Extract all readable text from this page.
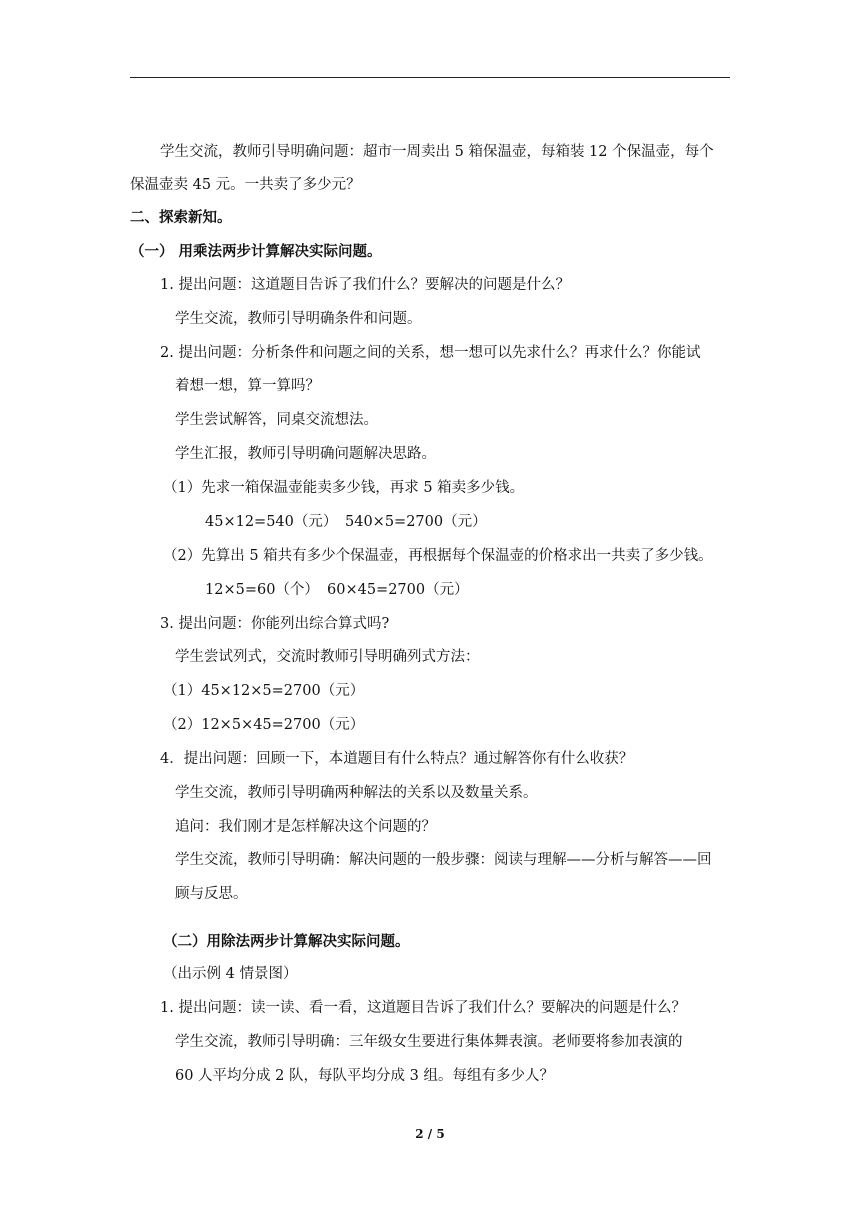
学生交流，教师引导明确问题：超市一周卖出 5 箱保温壶，每箱装 12 个保温壶，每个
保温壶卖 45 元。一共卖了多少元？
二、探索新知。
（一） 用乘法两步计算解决实际问题。
1. 提出问题：这道题目告诉了我们什么？要解决的问题是什么？
学生交流，教师引导明确条件和问题。
2. 提出问题：分析条件和问题之间的关系，想一想可以先求什么？再求什么？你能试
着想一想，算一算吗？
学生尝试解答，同桌交流想法。
学生汇报，教师引导明确问题解决思路。
（1）先求一箱保温壶能卖多少钱，再求 5 箱卖多少钱。
45×12=540（元） 540×5=2700（元）
（2）先算出 5 箱共有多少个保温壶，再根据每个保温壶的价格求出一共卖了多少钱。
12×5=60（个） 60×45=2700（元）
3. 提出问题：你能列出综合算式吗?
学生尝试列式，交流时教师引导明确列式方法：
（1）45×12×5=2700（元）
（2）12×5×45=2700（元）
4．提出问题：回顾一下，本道题目有什么特点？通过解答你有什么收获？
学生交流，教师引导明确两种解法的关系以及数量关系。
追问：我们刚才是怎样解决这个问题的？
学生交流，教师引导明确：解决问题的一般步骤：阅读与理解——分析与解答——回
顾与反思。
（二）用除法两步计算解决实际问题。
（出示例 4 情景图）
1. 提出问题：读一读、看一看，这道题目告诉了我们什么？要解决的问题是什么？
学生交流，教师引导明确：三年级女生要进行集体舞表演。老师要将参加表演的
60 人平均分成 2 队，每队平均分成 3 组。每组有多少人？
2 / 5
